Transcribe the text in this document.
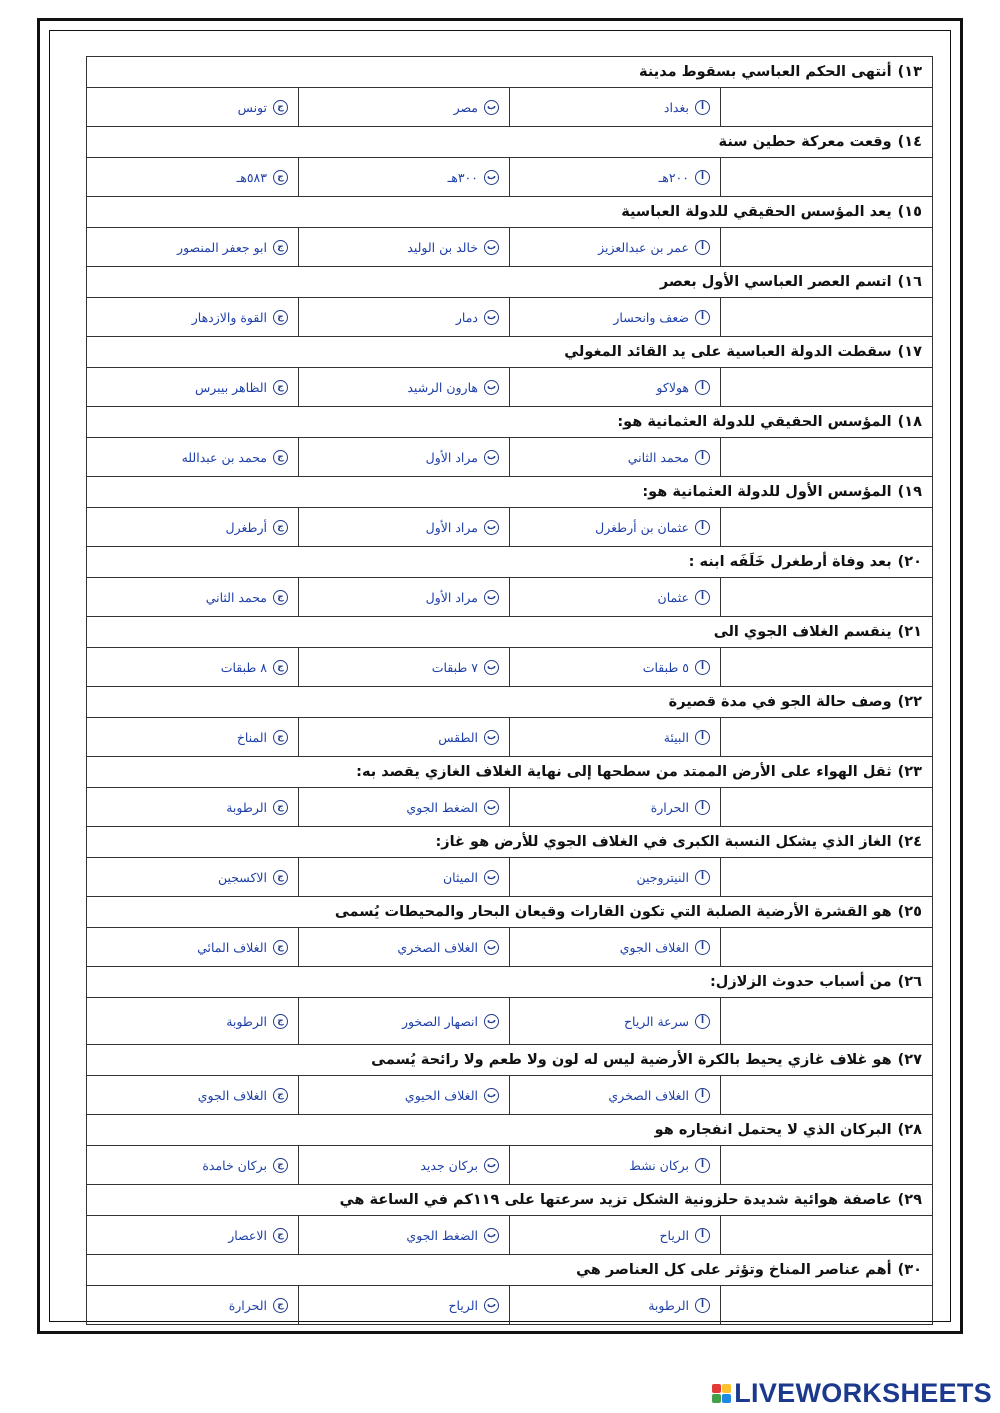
١٣)
أنتهى الحكم العباسي بسقوط مدينة
أ
بغداد
ب
مصر
ج
تونس
١٤)
وقعت معركة حطين سنة
أ
٢٠٠هـ
ب
٣٠٠هـ
ج
٥٨٣هـ
١٥)
يعد المؤسس الحقيقي للدولة العباسية
أ
عمر بن عبدالعزيز
ب
خالد بن الوليد
ج
ابو جعفر المنصور
١٦)
اتسم العصر العباسي الأول بعصر
أ
ضعف وانحسار
ب
دمار
ج
القوة والازدهار
١٧)
سقطت الدولة العباسية على يد القائد المغولي
أ
هولاكو
ب
هارون الرشيد
ج
الظاهر بيبرس
١٨)
المؤسس الحقيقي للدولة العثمانية هو:
أ
محمد الثاني
ب
مراد الأول
ج
محمد بن عبدالله
١٩)
المؤسس الأول للدولة العثمانية هو:
أ
عثمان بن أرطغرل
ب
مراد الأول
ج
أرطغرل
٢٠)
بعد وفاة أرطغرل خَلَفَه ابنه :
أ
عثمان
ب
مراد الأول
ج
محمد الثاني
٢١)
ينقسم الغلاف الجوي الى
أ
٥ طبقات
ب
٧ طبقات
ج
٨ طبقات
٢٢)
وصف حالة الجو في مدة قصيرة
أ
البيئة
ب
الطقس
ج
المناخ
٢٣)
ثقل الهواء على الأرض الممتد من سطحها إلى نهاية الغلاف الغازي يقصد به:
أ
الحرارة
ب
الضغط الجوي
ج
الرطوبة
٢٤)
الغاز الذي يشكل النسبة الكبرى في الغلاف الجوي للأرض هو غاز:
أ
النيتروجين
ب
الميثان
ج
الاكسجين
٢٥)
هو القشرة الأرضية الصلبة التي تكون القارات وقيعان البحار والمحيطات يُسمى
أ
الغلاف الجوي
ب
الغلاف الصخري
ج
الغلاف المائي
٢٦)
من أسباب حدوث الزلازل:
أ
سرعة الرياح
ب
انصهار الصخور
ج
الرطوبة
٢٧)
هو غلاف غازي يحيط بالكرة الأرضية ليس له لون ولا طعم ولا رائحة يُسمى
أ
الغلاف الصخري
ب
الغلاف الحيوي
ج
الغلاف الجوي
٢٨)
البركان الذي لا يحتمل انفجاره هو
أ
بركان نشط
ب
بركان جديد
ج
بركان خامدة
٢٩)
عاصفة هوائية شديدة حلزونية الشكل تزيد سرعتها على ١١٩كم في الساعة هي
أ
الرياح
ب
الضغط الجوي
ج
الاعصار
٣٠)
أهم عناصر المناخ وتؤثر على كل العناصر هي
أ
الرطوبة
ب
الرياح
ج
الحرارة
LIVEWORKSHEETS
